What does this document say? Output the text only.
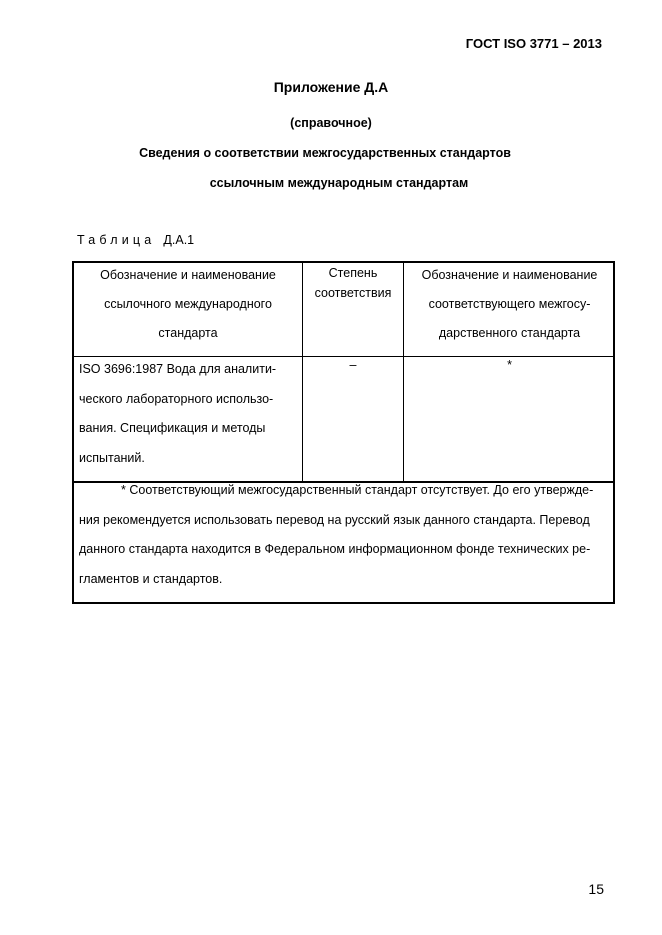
ГОСТ ISO 3771 – 2013
Приложение Д.А
(справочное)
Сведения о соответствии межгосударственных стандартов
ссылочным международным стандартам
Таблица Д.А.1
Обозначение и наименование
ссылочного международного
стандарта
Степень
соответствия
Обозначение и наименование
соответствующего межгосу-
дарственного стандарта
ISO 3696:1987 Вода для аналити-
ческого лабораторного использо-
вания. Спецификация и методы
испытаний.
–	*
* Соответствующий межгосударственный стандарт отсутствует. До его утвержде-
ния рекомендуется использовать перевод на русский язык данного стандарта. Перевод
данного стандарта находится в Федеральном информационном фонде технических ре-
гламентов и стандартов.
15
